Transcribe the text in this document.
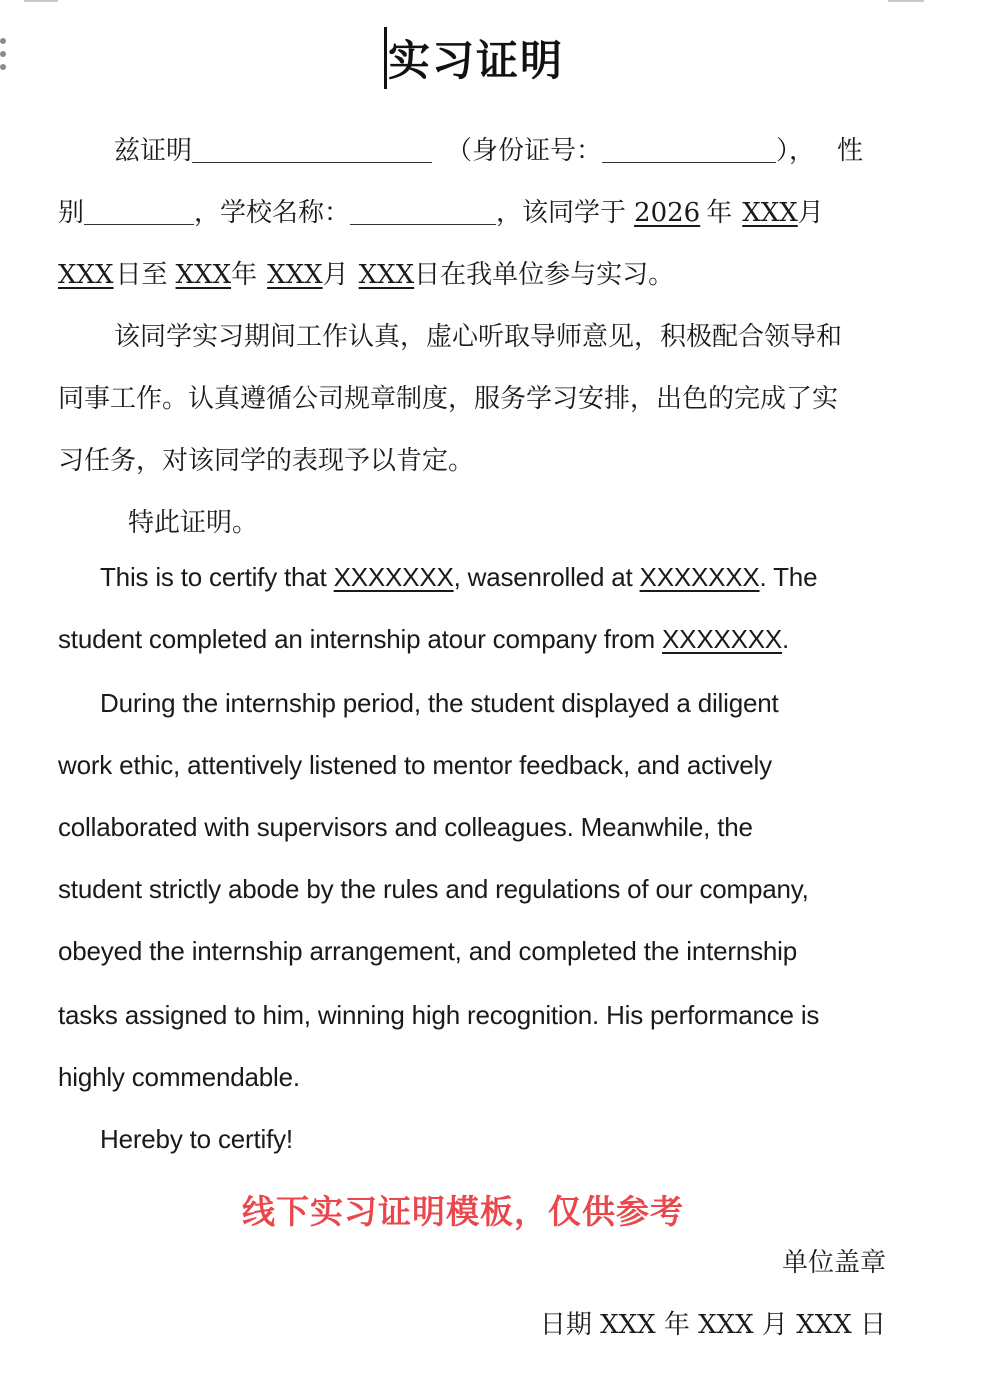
实习证明
兹证明	（身份证号：	）， 性
别	，学校名称：	，该同学于 2026 年 XXX月
XXX日至 XXX年 XXX月 XXX日在我单位参与实习。
该同学实习期间工作认真，虚心听取导师意见，积极配合领导和
同事工作。认真遵循公司规章制度，服务学习安排，出色的完成了实
习任务，对该同学的表现予以肯定。
特此证明。
This is to certify that XXXXXXX, wasenrolled at XXXXXXX. The
student completed an internship atour company from XXXXXXX.
During the internship period, the student displayed a diligent
work ethic, attentively listened to mentor feedback, and actively
collaborated with supervisors and colleagues. Meanwhile, the
student strictly abode by the rules and regulations of our company,
obeyed the internship arrangement, and completed the internship
tasks assigned to him, winning high recognition. His performance is
highly commendable.
Hereby to certify!
线下实习证明模板，仅供参考
单位盖章
日期 XXX 年 XXX 月 XXX 日
